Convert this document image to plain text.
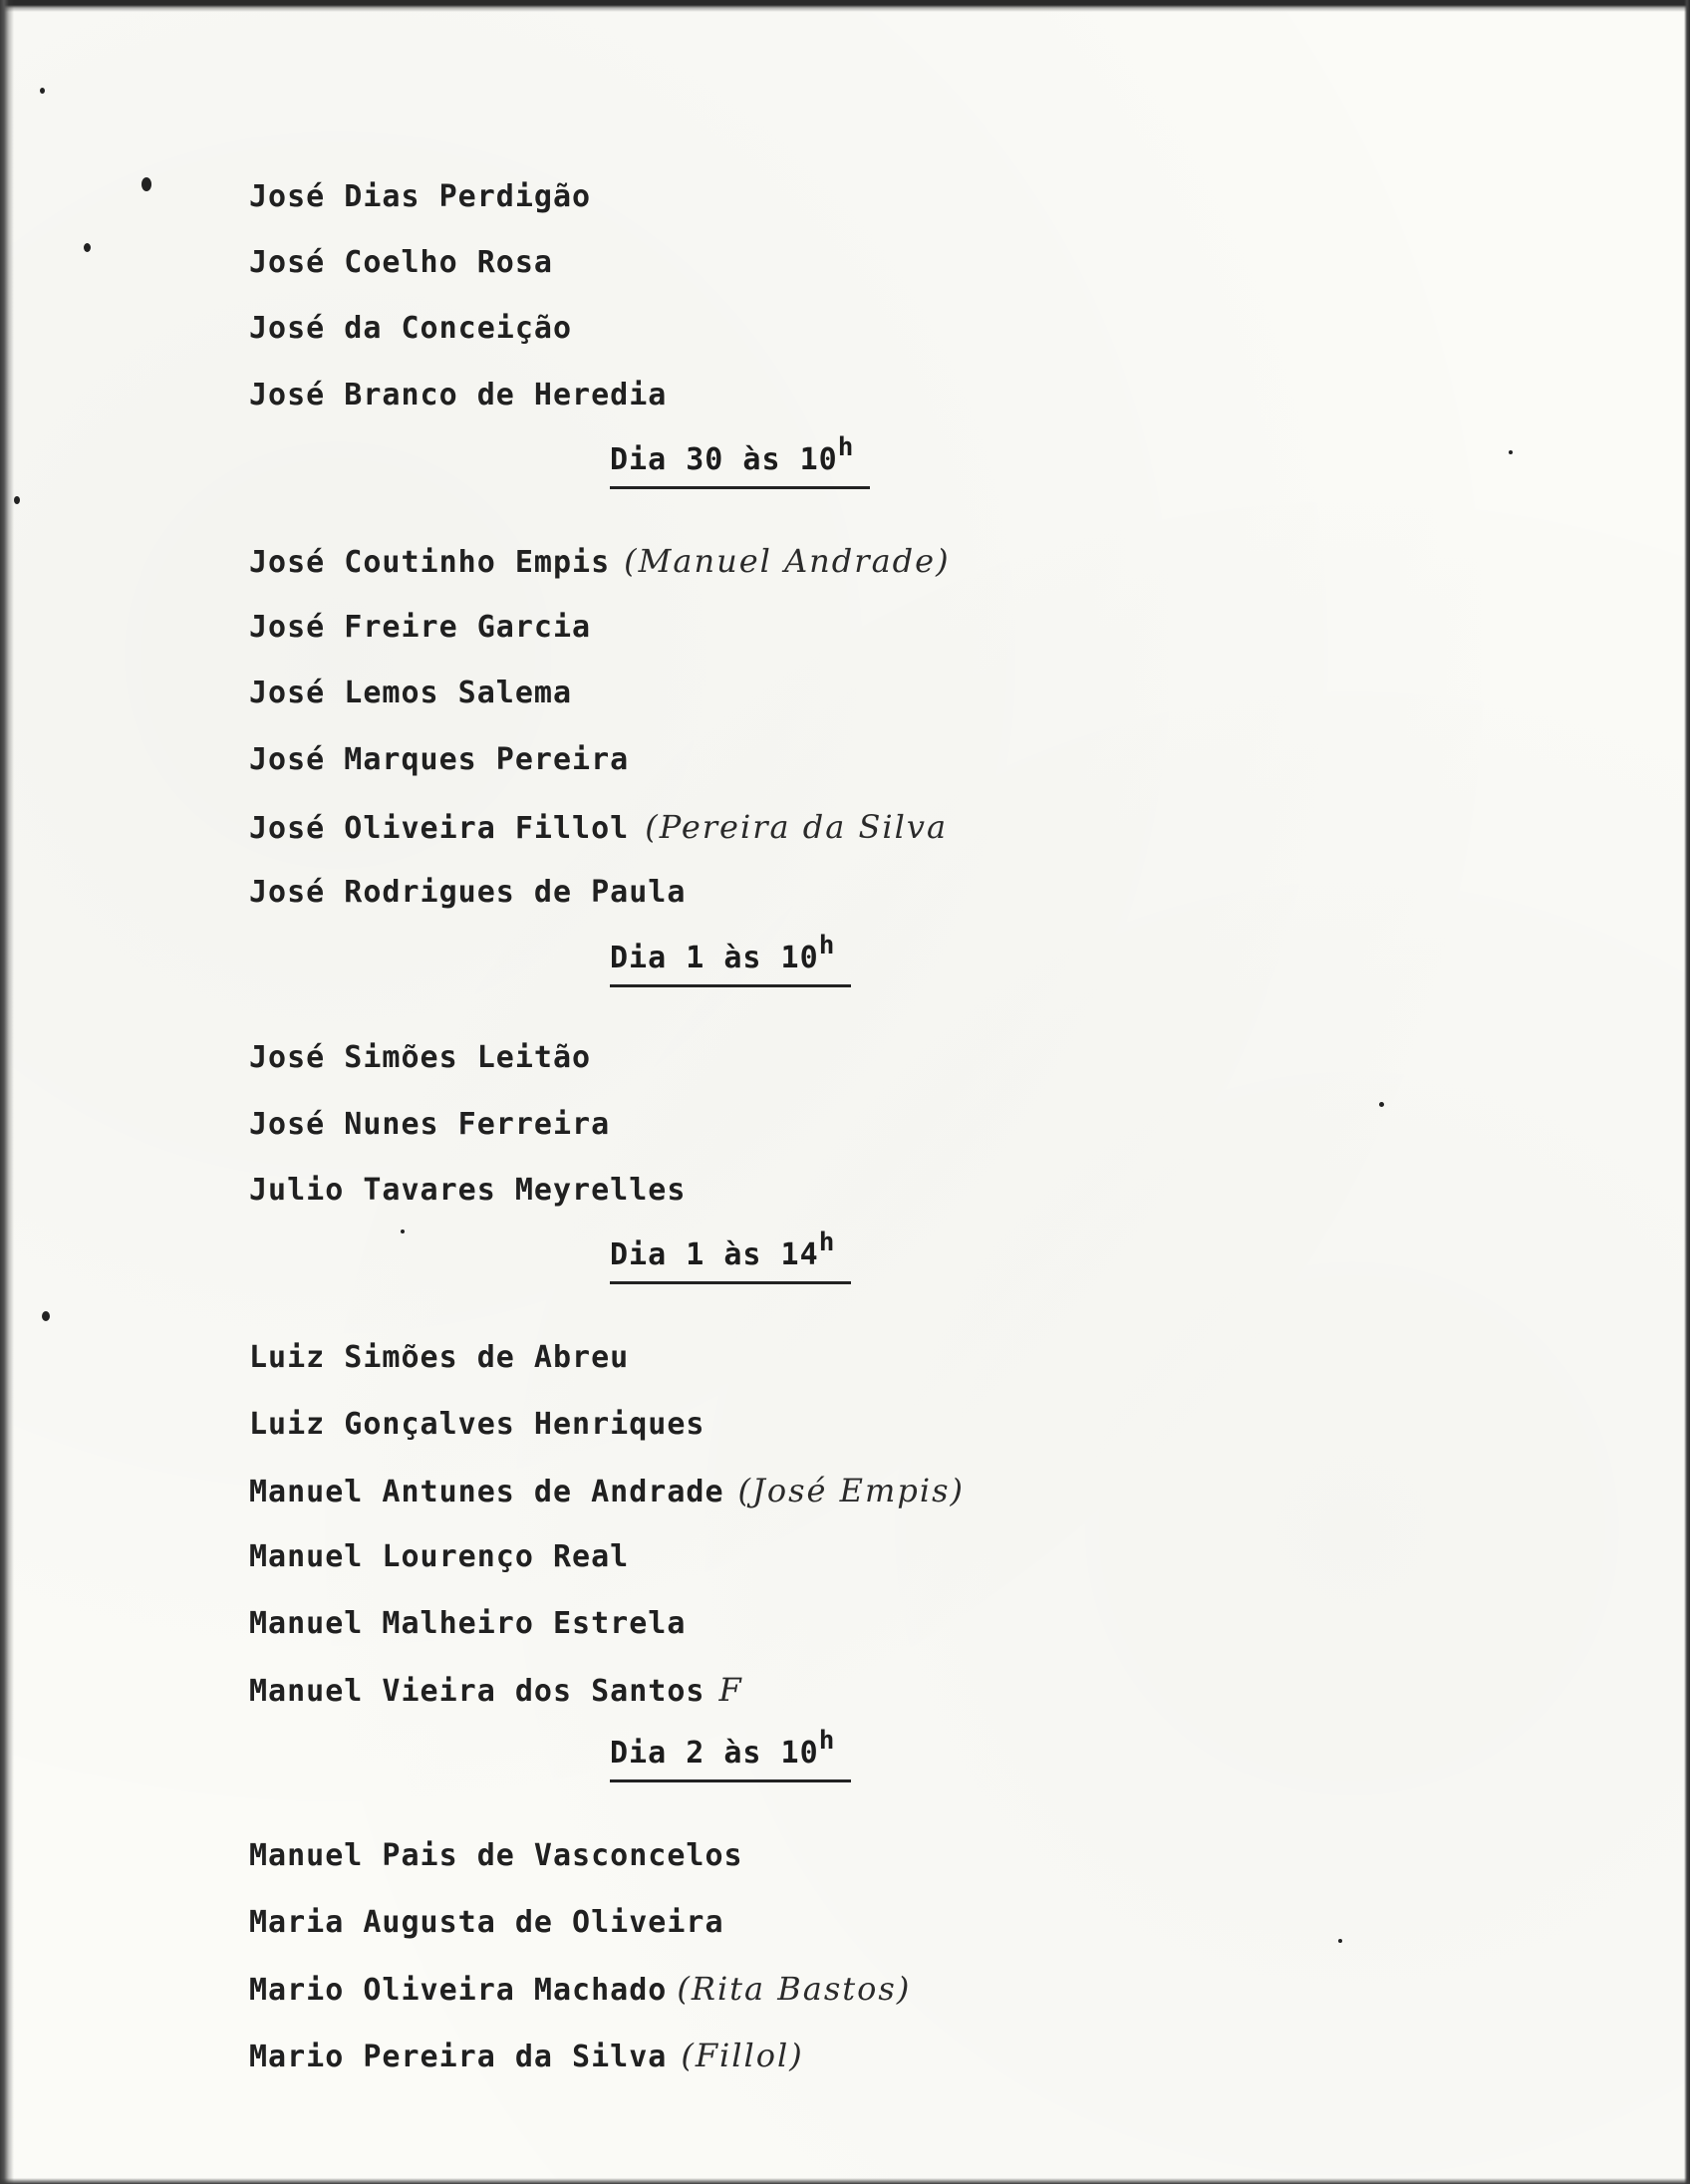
José Dias Perdigão
José Coelho Rosa
José da Conceição
José Branco de Heredia
Dia 30 às 10$^h$
José Coutinho Empis (Manuel Andrade)
José Freire Garcia
José Lemos Salema
José Marques Pereira
José Oliveira Fillol (Pereira da Silva
José Rodrigues de Paula
Dia 1 às 10$^h$
José Simões Leitão
José Nunes Ferreira
Julio Tavares Meyrelles
Dia 1 às 14$^h$
Luiz Simões de Abreu
Luiz Gonçalves Henriques
Manuel Antunes de Andrade (José Empis)
Manuel Lourenço Real
Manuel Malheiro Estrela
Manuel Vieira dos Santos F
Dia 2 às 10$^h$
Manuel Pais de Vasconcelos
Maria Augusta de Oliveira
Mario Oliveira Machado (Rita Bastos)
Mario Pereira da Silva (Fillol)
